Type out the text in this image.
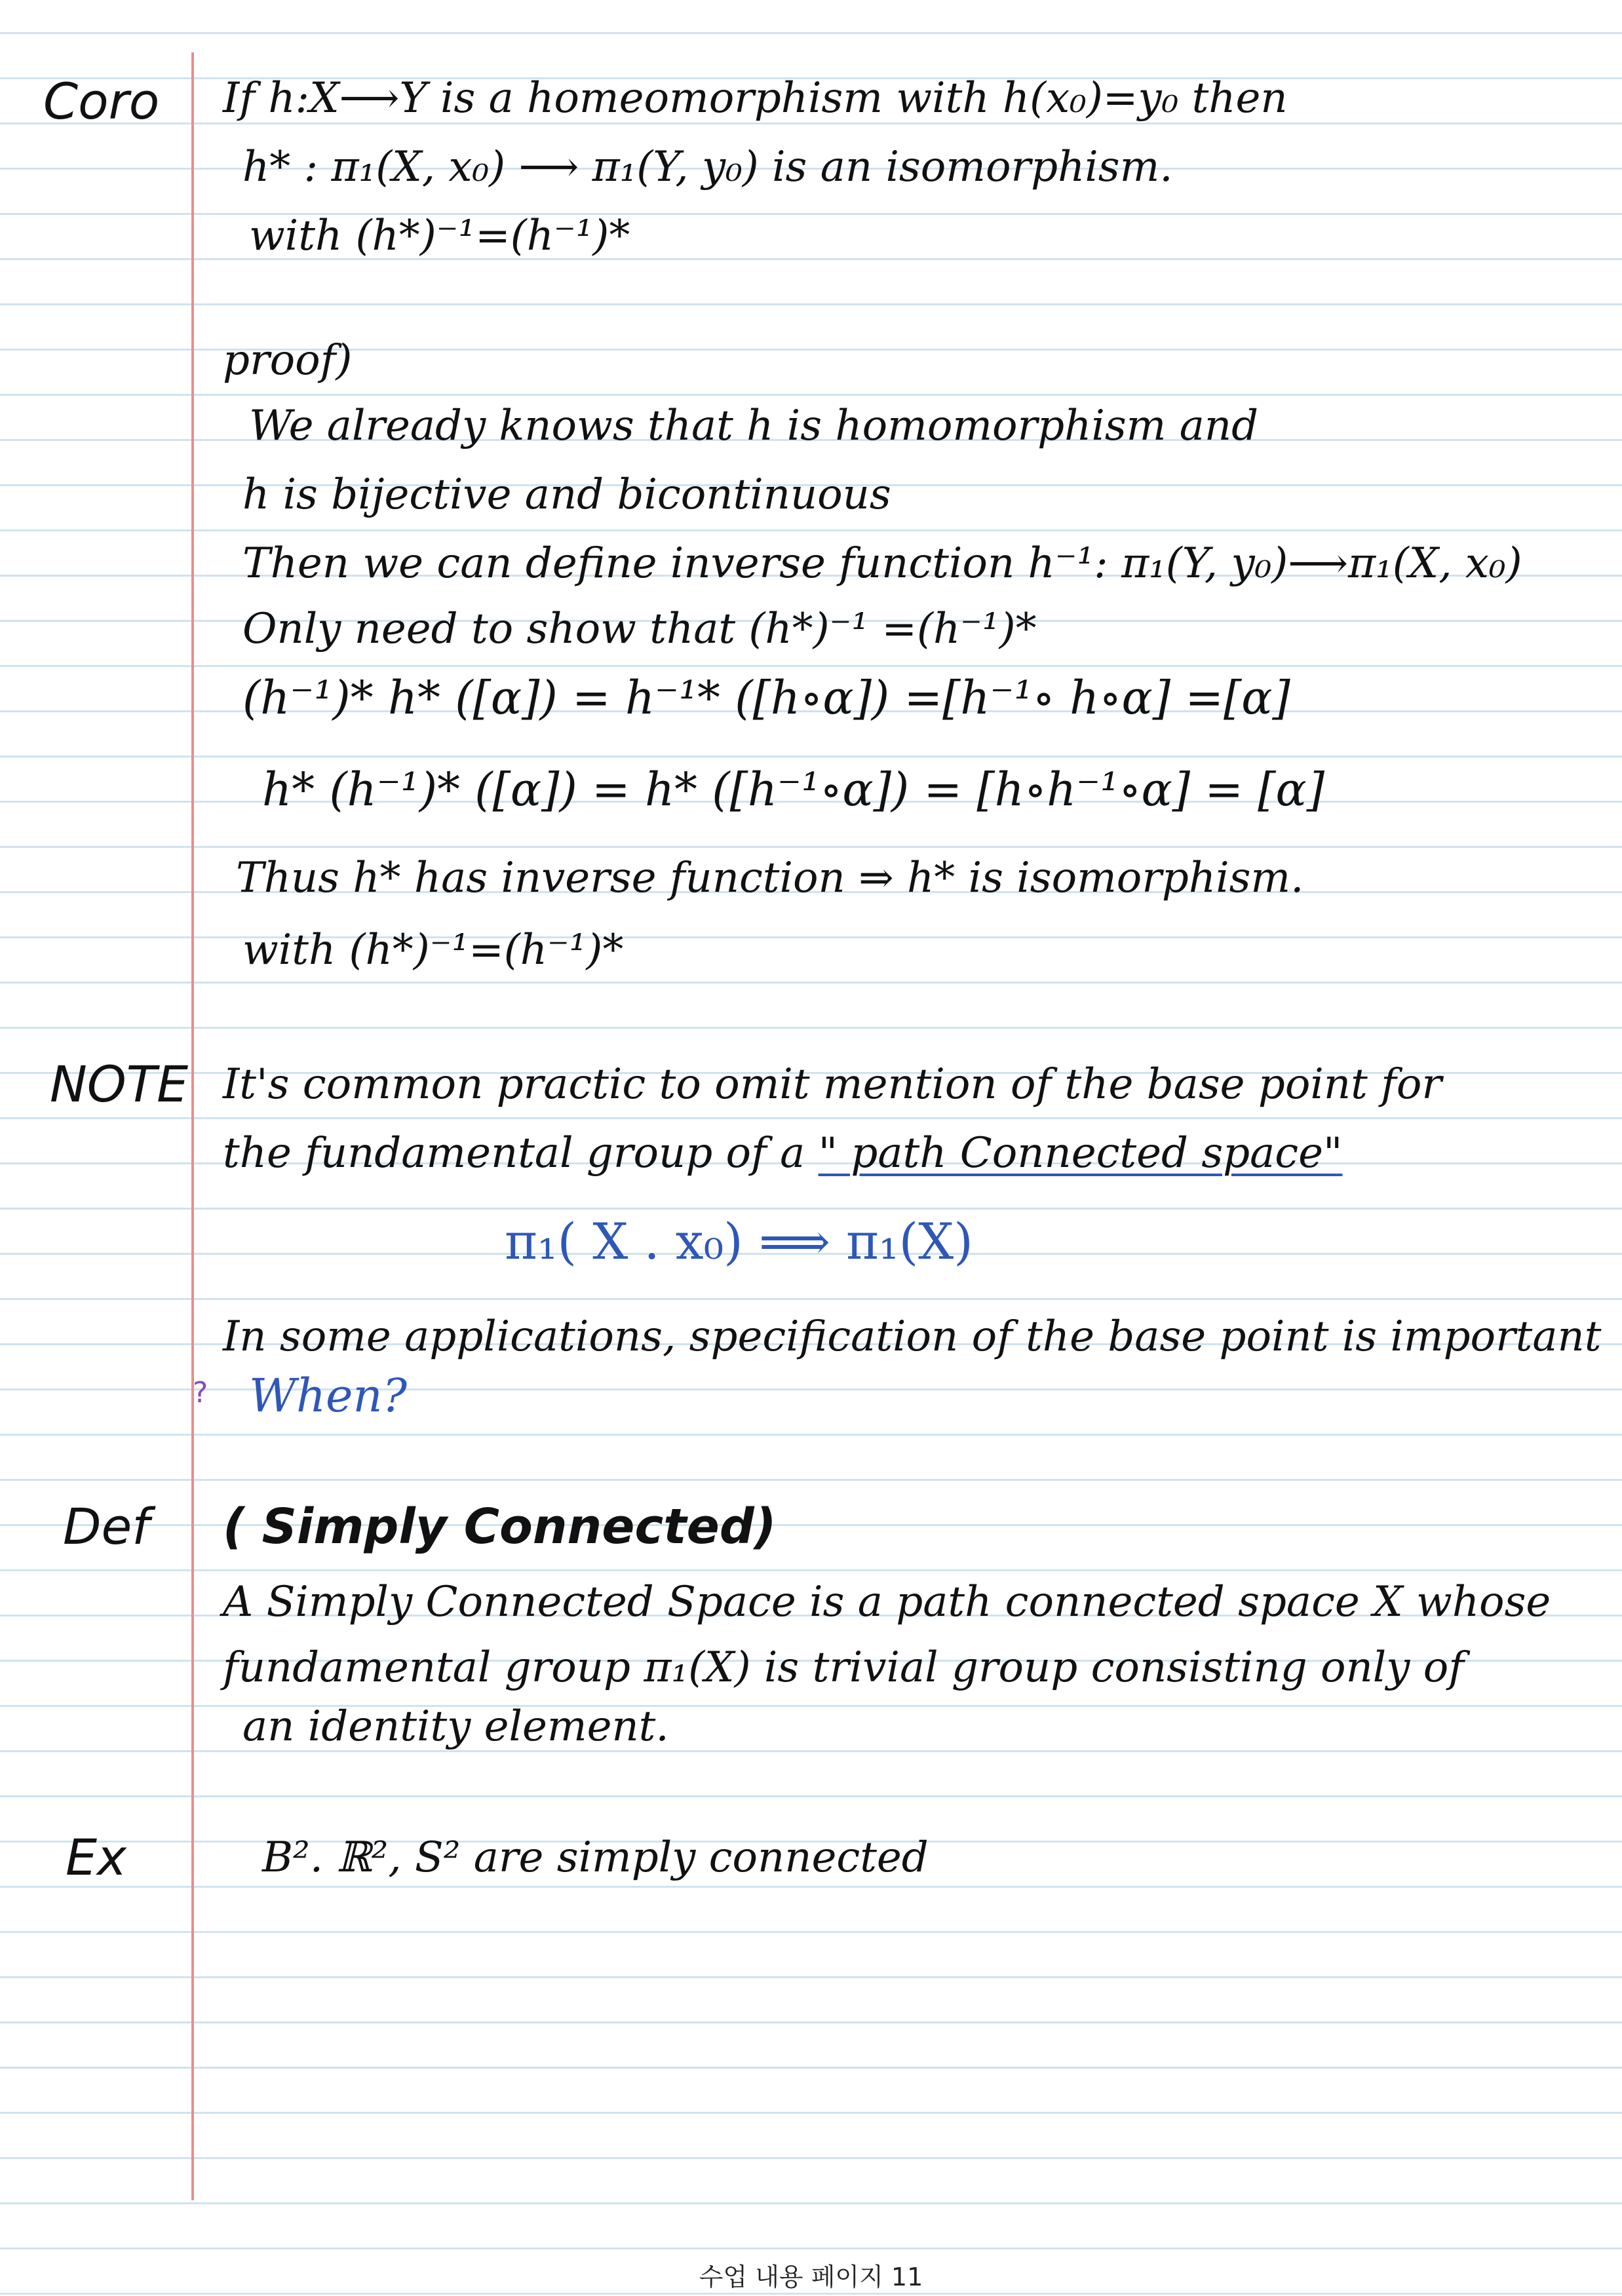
Coro If h:X⟶Y is a homeomorphism with h(x₀)=y₀ then
h* : π₁(X, x₀) ⟶ π₁(Y, y₀) is an isomorphism.
with (h*)⁻¹=(h⁻¹)*
proof)
We already knows that h is homomorphism and
h is bijective and bicontinuous
Then we can define inverse function h⁻¹: π₁(Y, y₀)⟶π₁(X, x₀)
Only need to show that (h*)⁻¹ =(h⁻¹)*
(h⁻¹)* h* ([α]) = h⁻¹* ([h∘α]) =[h⁻¹∘ h∘α] =[α]
h* (h⁻¹)* ([α]) = h* ([h⁻¹∘α]) = [h∘h⁻¹∘α] = [α]
Thus h* has inverse function ⇒ h* is isomorphism.
with (h*)⁻¹=(h⁻¹)*
NOTE It's common practic to omit mention of the base point for
the fundamental group of a " path Connected space"
π₁( X . x₀) ⟹ π₁(X)
In some applications, specification of the base point is important
? When?
Def ( Simply Connected)
A Simply Connected Space is a path connected space X whose
fundamental group π₁(X) is trivial group consisting only of
an identity element.
Ex	B². ℝ², S² are simply connected
수업 내용 페이지 11
